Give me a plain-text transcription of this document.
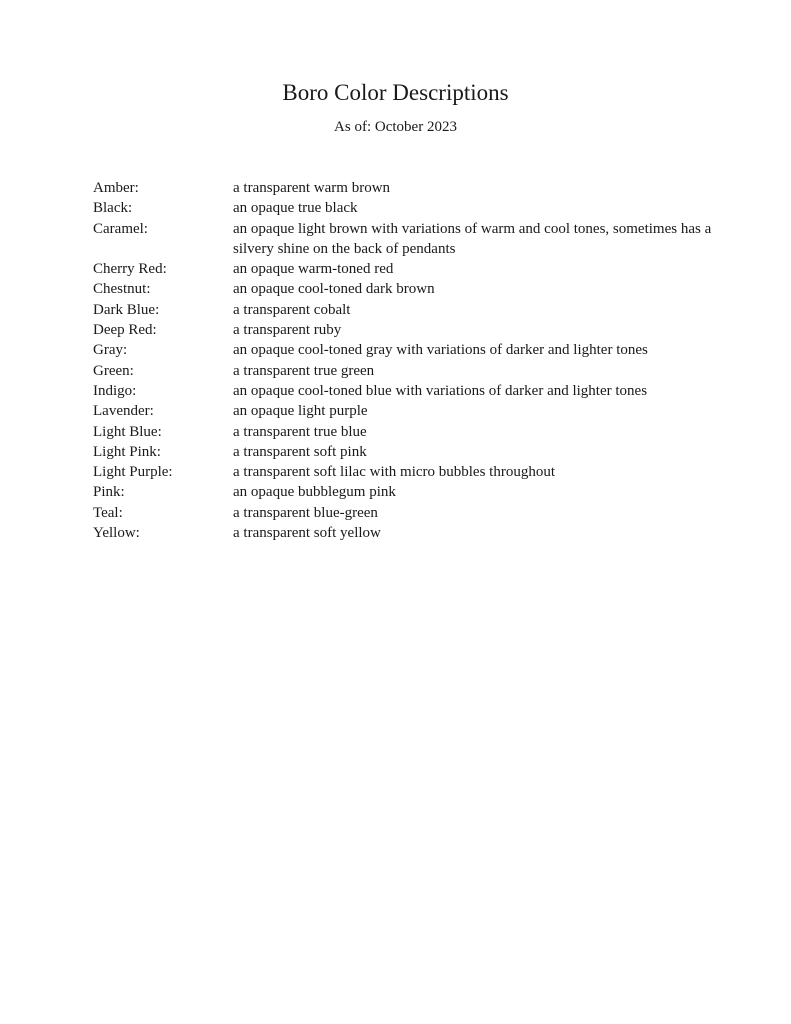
Boro Color Descriptions
As of: October 2023
Amber:	a transparent warm brown
Black:	an opaque true black
Caramel:	an opaque light brown with variations of warm and cool tones, sometimes has a silvery shine on the back of pendants
Cherry Red:	an opaque warm-toned red
Chestnut:	an opaque cool-toned dark brown
Dark Blue:	a transparent cobalt
Deep Red:	a transparent ruby
Gray:	an opaque cool-toned gray with variations of darker and lighter tones
Green:	a transparent true green
Indigo:	an opaque cool-toned blue with variations of darker and lighter tones
Lavender:	an opaque light purple
Light Blue:	a transparent true blue
Light Pink:	a transparent soft pink
Light Purple:	a transparent soft lilac with micro bubbles throughout
Pink:	an opaque bubblegum pink
Teal:	a transparent blue-green
Yellow:	a transparent soft yellow
